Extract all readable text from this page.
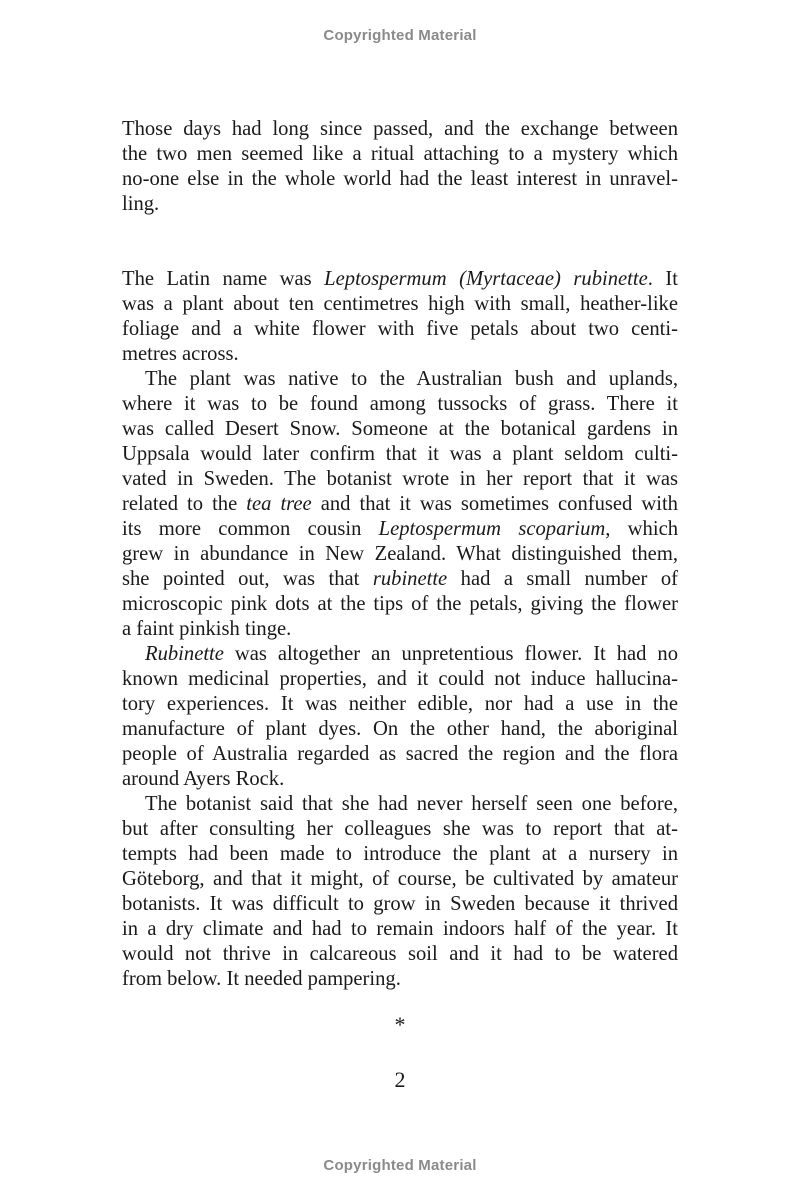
Copyrighted Material
Those days had long since passed, and the exchange between
the two men seemed like a ritual attaching to a mystery which
no-one else in the whole world had the least interest in unravel-
ling.
The Latin name was Leptospermum (Myrtaceae) rubinette. It
was a plant about ten centimetres high with small, heather-like
foliage and a white flower with five petals about two centi-
metres across.
The plant was native to the Australian bush and uplands,
where it was to be found among tussocks of grass. There it
was called Desert Snow. Someone at the botanical gardens in
Uppsala would later confirm that it was a plant seldom culti-
vated in Sweden. The botanist wrote in her report that it was
related to the tea tree and that it was sometimes confused with
its more common cousin Leptospermum scoparium, which
grew in abundance in New Zealand. What distinguished them,
she pointed out, was that rubinette had a small number of
microscopic pink dots at the tips of the petals, giving the flower
a faint pinkish tinge.
Rubinette was altogether an unpretentious flower. It had no
known medicinal properties, and it could not induce hallucina-
tory experiences. It was neither edible, nor had a use in the
manufacture of plant dyes. On the other hand, the aboriginal
people of Australia regarded as sacred the region and the flora
around Ayers Rock.
The botanist said that she had never herself seen one before,
but after consulting her colleagues she was to report that at-
tempts had been made to introduce the plant at a nursery in
Göteborg, and that it might, of course, be cultivated by amateur
botanists. It was difficult to grow in Sweden because it thrived
in a dry climate and had to remain indoors half of the year. It
would not thrive in calcareous soil and it had to be watered
from below. It needed pampering.
*
2
Copyrighted Material
